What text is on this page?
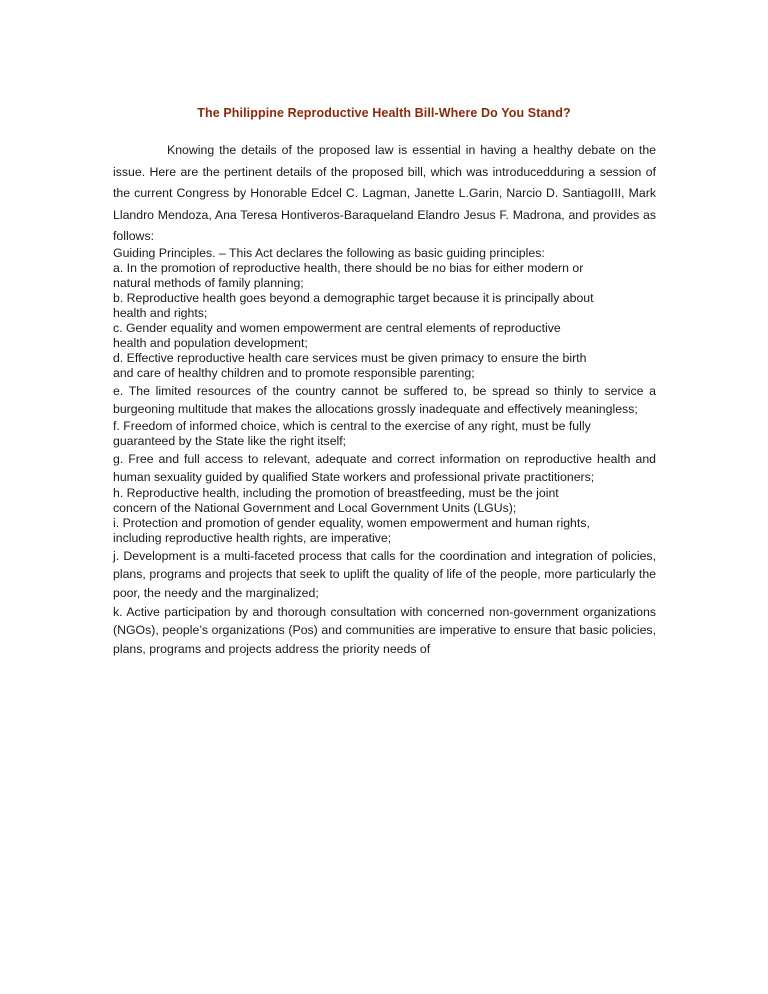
The Philippine Reproductive Health Bill-Where Do You Stand?

Knowing the details of the proposed law is essential in having a healthy debate on the issue. Here are the pertinent details of the proposed bill, which was introducedduring a session of the current Congress by Honorable Edcel C. Lagman, Janette L.Garin, Narcio D. SantiagoIII, Mark Llandro Mendoza, Ana Teresa Hontiveros-Baraqueland Elandro Jesus F. Madrona, and provides as follows:

Guiding Principles. – This Act declares the following as basic guiding principles:

a. In the promotion of reproductive health, there should be no bias for either modern or
natural methods of family planning;
b. Reproductive health goes beyond a demographic target because it is principally about
health and rights;
c. Gender equality and women empowerment are central elements of reproductive
health and population development;
d. Effective reproductive health care services must be given primacy to ensure the birth
and care of healthy children and to promote responsible parenting;

e. The limited resources of the country cannot be suffered to, be spread so thinly to service a burgeoning multitude that makes the allocations grossly inadequate and effectively meaningless;

f. Freedom of informed choice, which is central to the exercise of any right, must be fully
guaranteed by the State like the right itself;

g. Free and full access to relevant, adequate and correct information on reproductive health and human sexuality guided by qualified State workers and professional private practitioners;

h. Reproductive health, including the promotion of breastfeeding, must be the joint
concern of the National Government and Local Government Units (LGUs);
i. Protection and promotion of gender equality, women empowerment and human rights,
including reproductive health rights, are imperative;

j. Development is a multi-faceted process that calls for the coordination and integration of policies, plans, programs and projects that seek to uplift the quality of life of the people, more particularly the poor, the needy and the marginalized;

k. Active participation by and thorough consultation with concerned non-government organizations (NGOs), people’s organizations (Pos) and communities are imperative to ensure that basic policies, plans, programs and projects address the priority needs of
